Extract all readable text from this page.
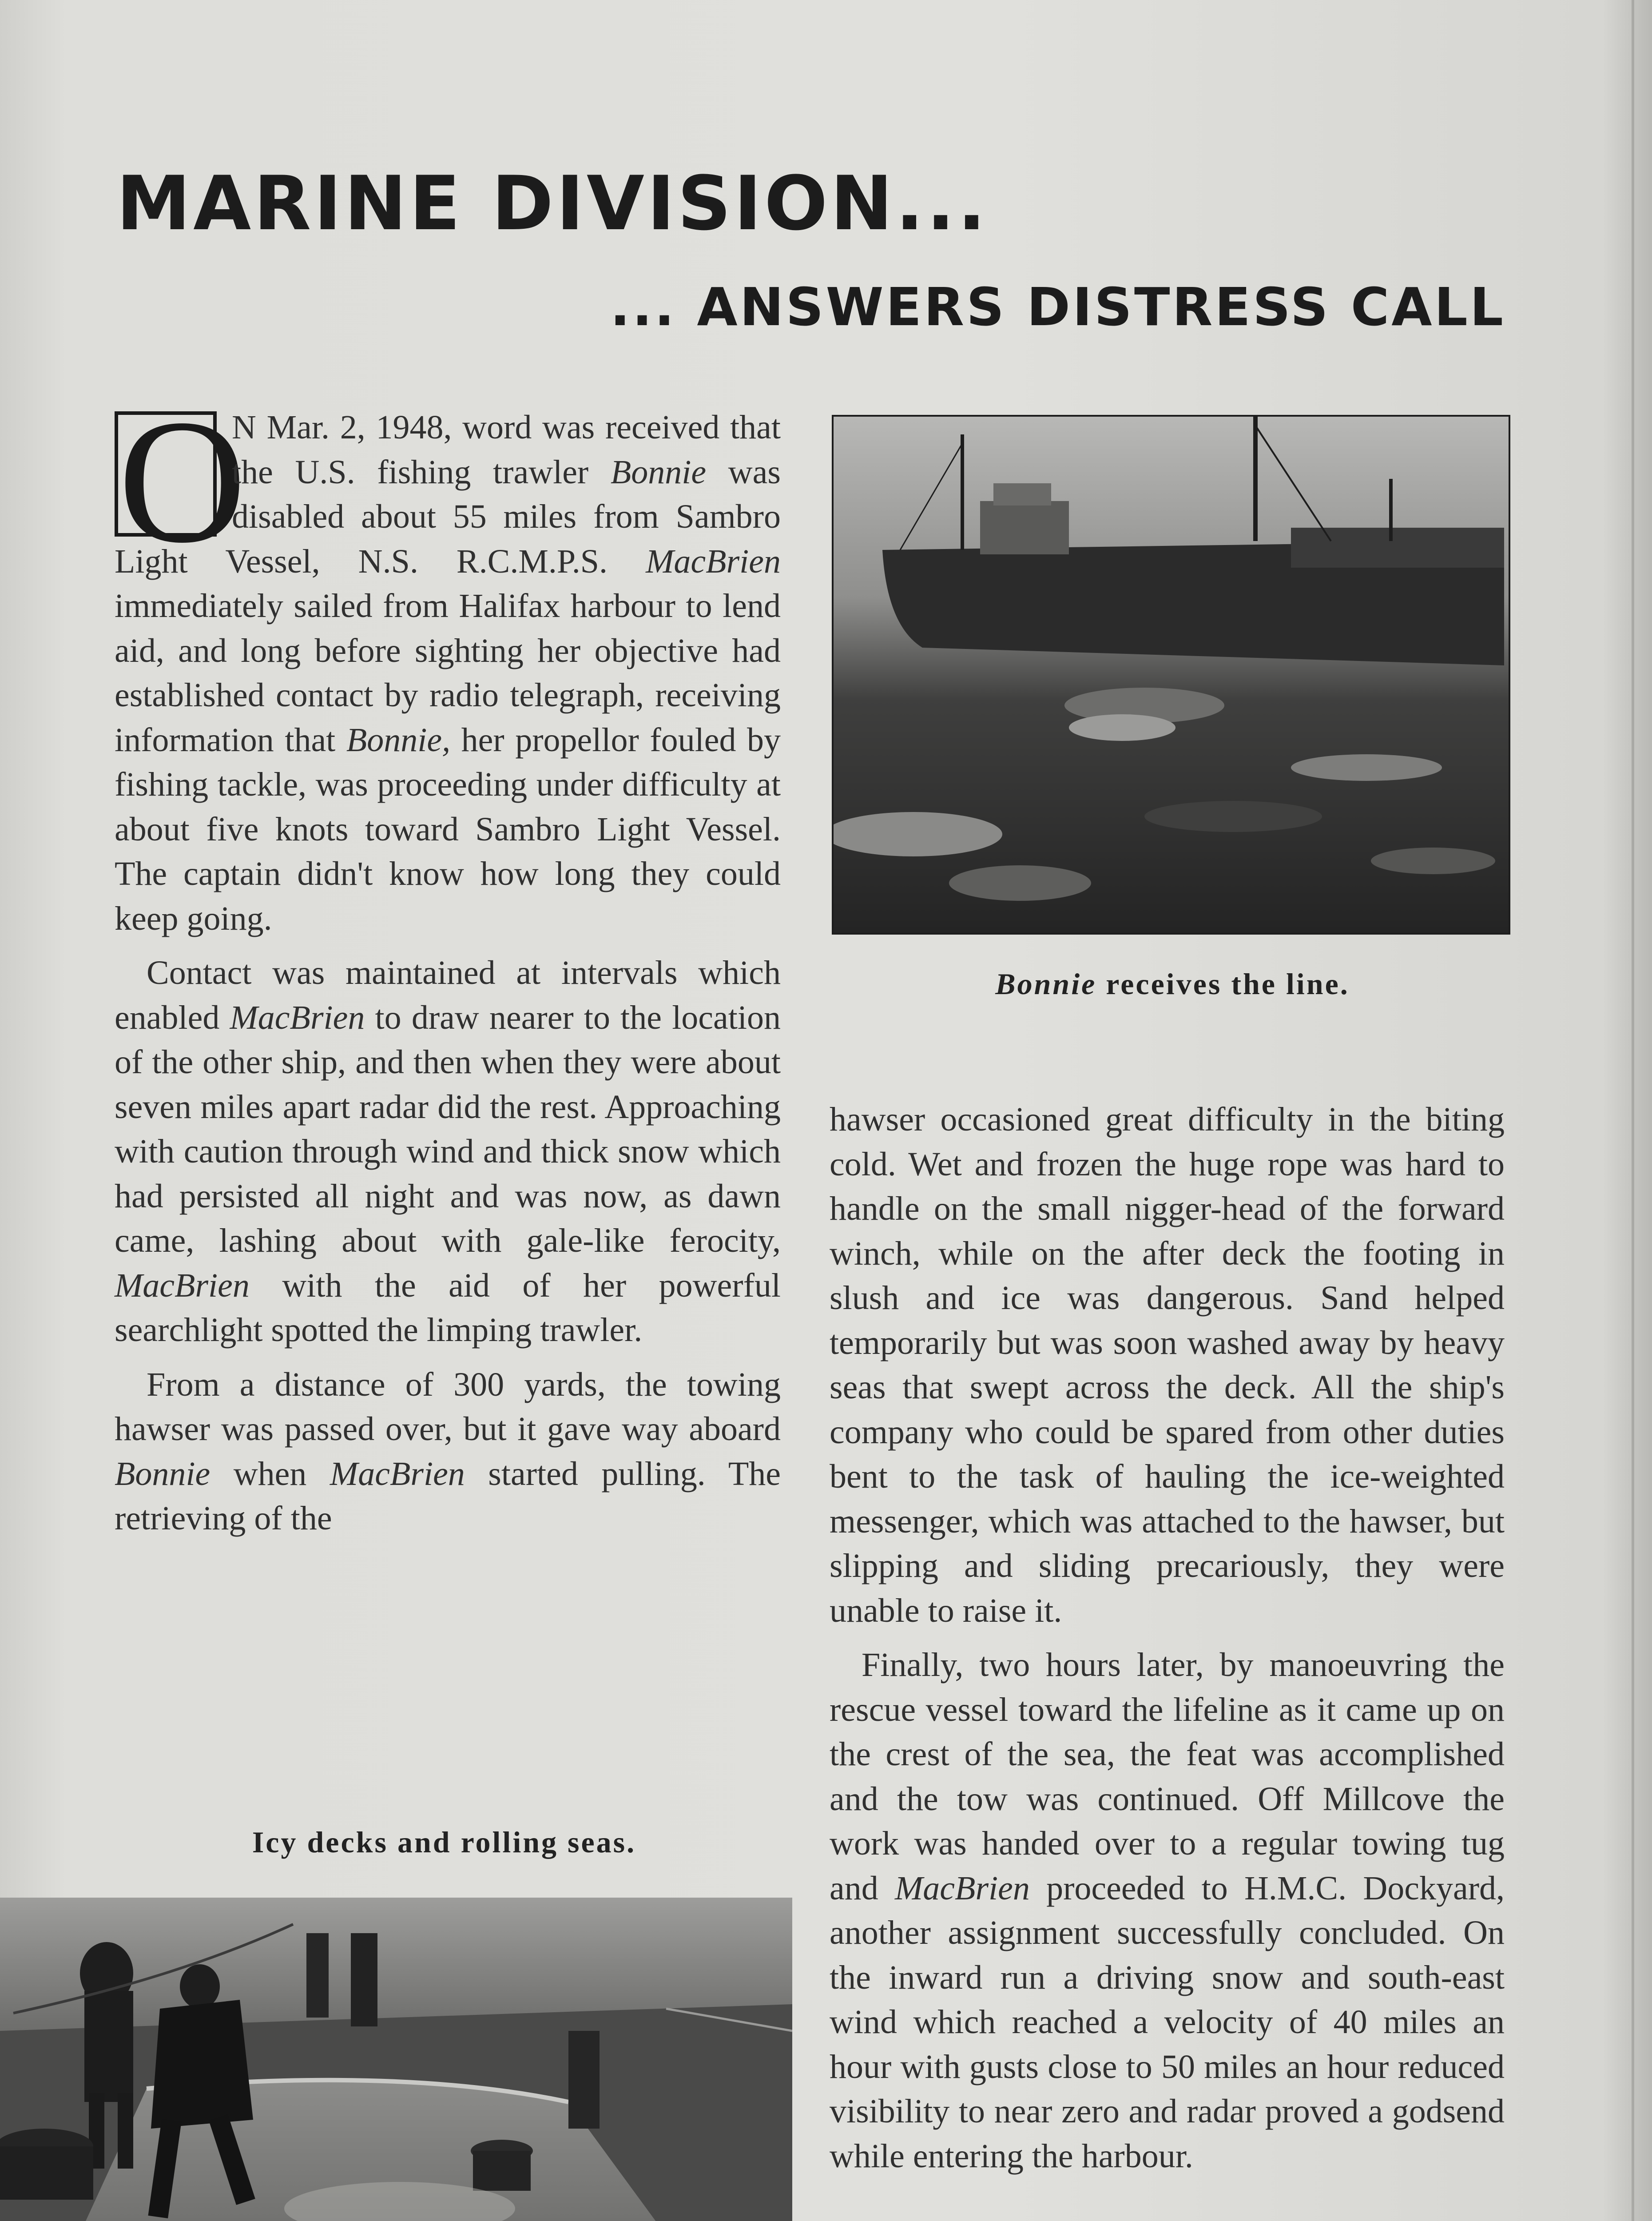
MARINE DIVISION...
... ANSWERS DISTRESS CALL

O
N Mar. 2, 1948, word was received that the U.S. fishing trawler Bonnie was disabled about 55 miles from Sambro Light Vessel, N.S. R.C.M.P.S. MacBrien immediately sailed from Halifax harbour to lend aid, and long before sighting her objective had established contact by radio telegraph, receiving information that Bonnie, her propellor fouled by fishing tackle, was proceeding under difficulty at about five knots toward Sambro Light Vessel. The captain didn't know how long they could keep going.

Contact was maintained at intervals which enabled MacBrien to draw nearer to the location of the other ship, and then when they were about seven miles apart radar did the rest. Approaching with caution through wind and thick snow which had persisted all night and was now, as dawn came, lashing about with gale-like ferocity, MacBrien with the aid of her powerful searchlight spotted the limping trawler.

From a distance of 300 yards, the towing hawser was passed over, but it gave way aboard Bonnie when MacBrien started pulling. The retrieving of the

Bonnie receives the line.

hawser occasioned great difficulty in the biting cold. Wet and frozen the huge rope was hard to handle on the small nigger-head of the forward winch, while on the after deck the footing in slush and ice was dangerous. Sand helped temporarily but was soon washed away by heavy seas that swept across the deck. All the ship's company who could be spared from other duties bent to the task of hauling the ice-weighted messenger, which was attached to the hawser, but slipping and sliding precariously, they were unable to raise it.

Finally, two hours later, by manoeuvring the rescue vessel toward the lifeline as it came up on the crest of the sea, the feat was accomplished and the tow was continued. Off Millcove the work was handed over to a regular towing tug and MacBrien proceeded to H.M.C. Dockyard, another assignment successfully concluded. On the inward run a driving snow and south-east wind which reached a velocity of 40 miles an hour with gusts close to 50 miles an hour reduced visibility to near zero and radar proved a godsend while entering the harbour.

Icy decks and rolling seas.
